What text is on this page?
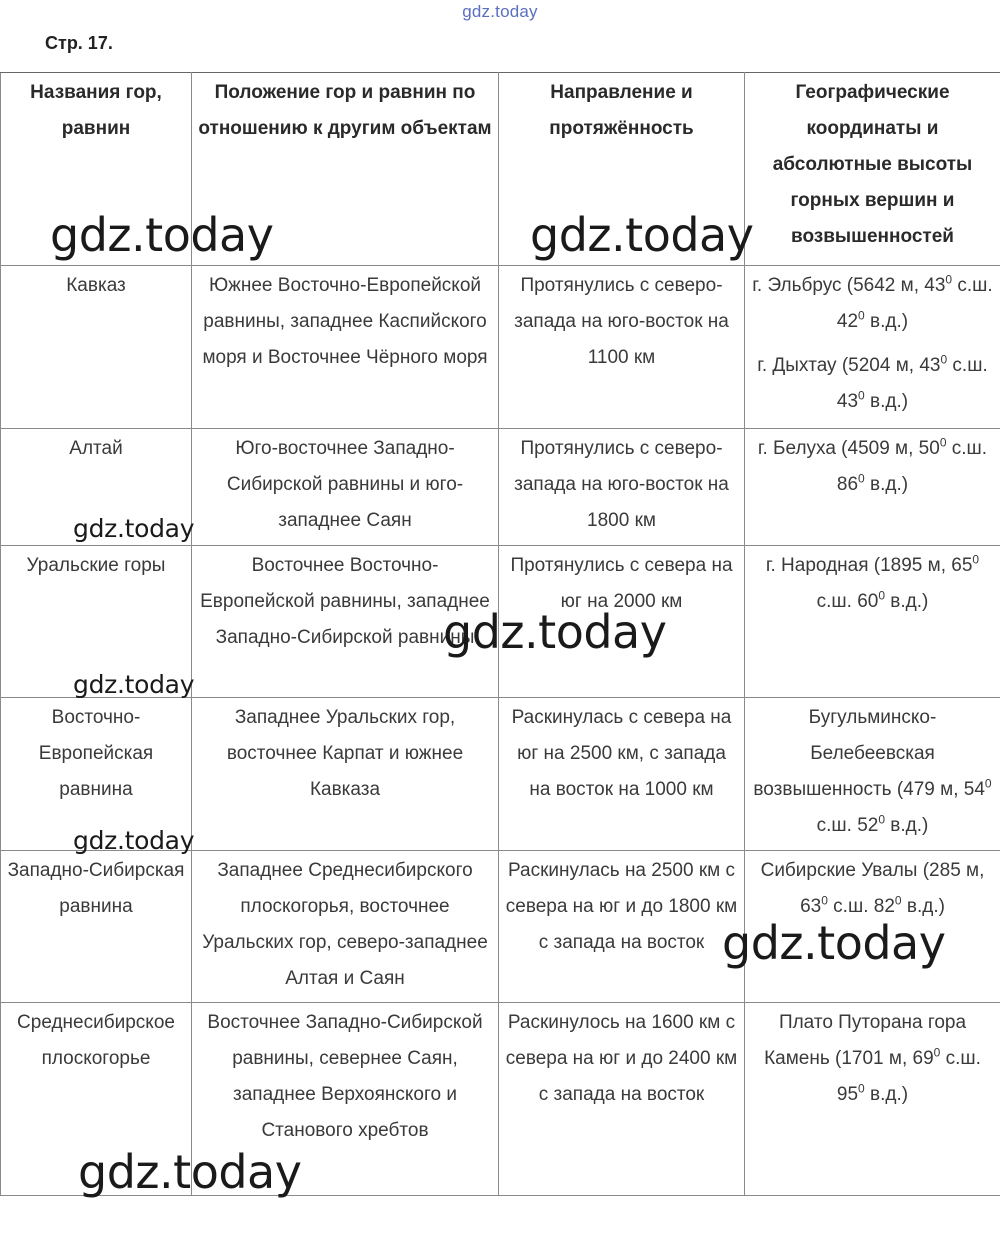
gdz.today
Стр. 17.
Названия гор, равнин	Положение гор и равнин по отношению к другим объектам	Направление и протяжённость	Географические координаты и абсолютные высоты горных вершин и возвышенностей
Кавказ	Южнее Восточно-Европейской равнины, западнее Каспийского моря и Восточнее Чёрного моря	Протянулись с северо-запада на юго-восток на 1100 км	г. Эльбрус (5642 м, $43^0$ с.ш. $42^0$ в.д.)
г. Дыхтау (5204 м, $43^0$ с.ш. $43^0$ в.д.)
Алтай	Юго-восточнее Западно-Сибирской равнины и юго-западнее Саян	Протянулись с северо-запада на юго-восток на 1800 км	г. Белуха (4509 м, $50^0$ с.ш. $86^0$ в.д.)
Уральские горы	Восточнее Восточно-Европейской равнины, западнее Западно-Сибирской равнины	Протянулись с севера на юг на 2000 км	г. Народная (1895 м, $65^0$ с.ш. $60^0$ в.д.)
Восточно-Европейская равнина	Западнее Уральских гор, восточнее Карпат и южнее Кавказа	Раскинулась с севера на юг на 2500 км, с запада на восток на 1000 км	Бугульминско-Белебеевская возвышенность (479 м, $54^0$ с.ш. $52^0$ в.д.)
Западно-Сибирская равнина	Западнее Среднесибирского плоскогорья, восточнее Уральских гор, северо-западнее Алтая и Саян	Раскинулась на 2500 км с севера на юг и до 1800 км с запада на восток	Сибирские Увалы (285 м, $63^0$ с.ш. $82^0$ в.д.)
Среднесибирское плоскогорье	Восточнее Западно-Сибирской равнины, севернее Саян, западнее Верхоянского и Станового хребтов	Раскинулось на 1600 км с севера на юг и до 2400 км с запада на восток	Плато Путорана гора Камень (1701 м, $69^0$ с.ш. $95^0$ в.д.)
gdz.today	gdz.today
gdz.today
gdz.today
gdz.today
gdz.today
gdz.today
gdz.today
